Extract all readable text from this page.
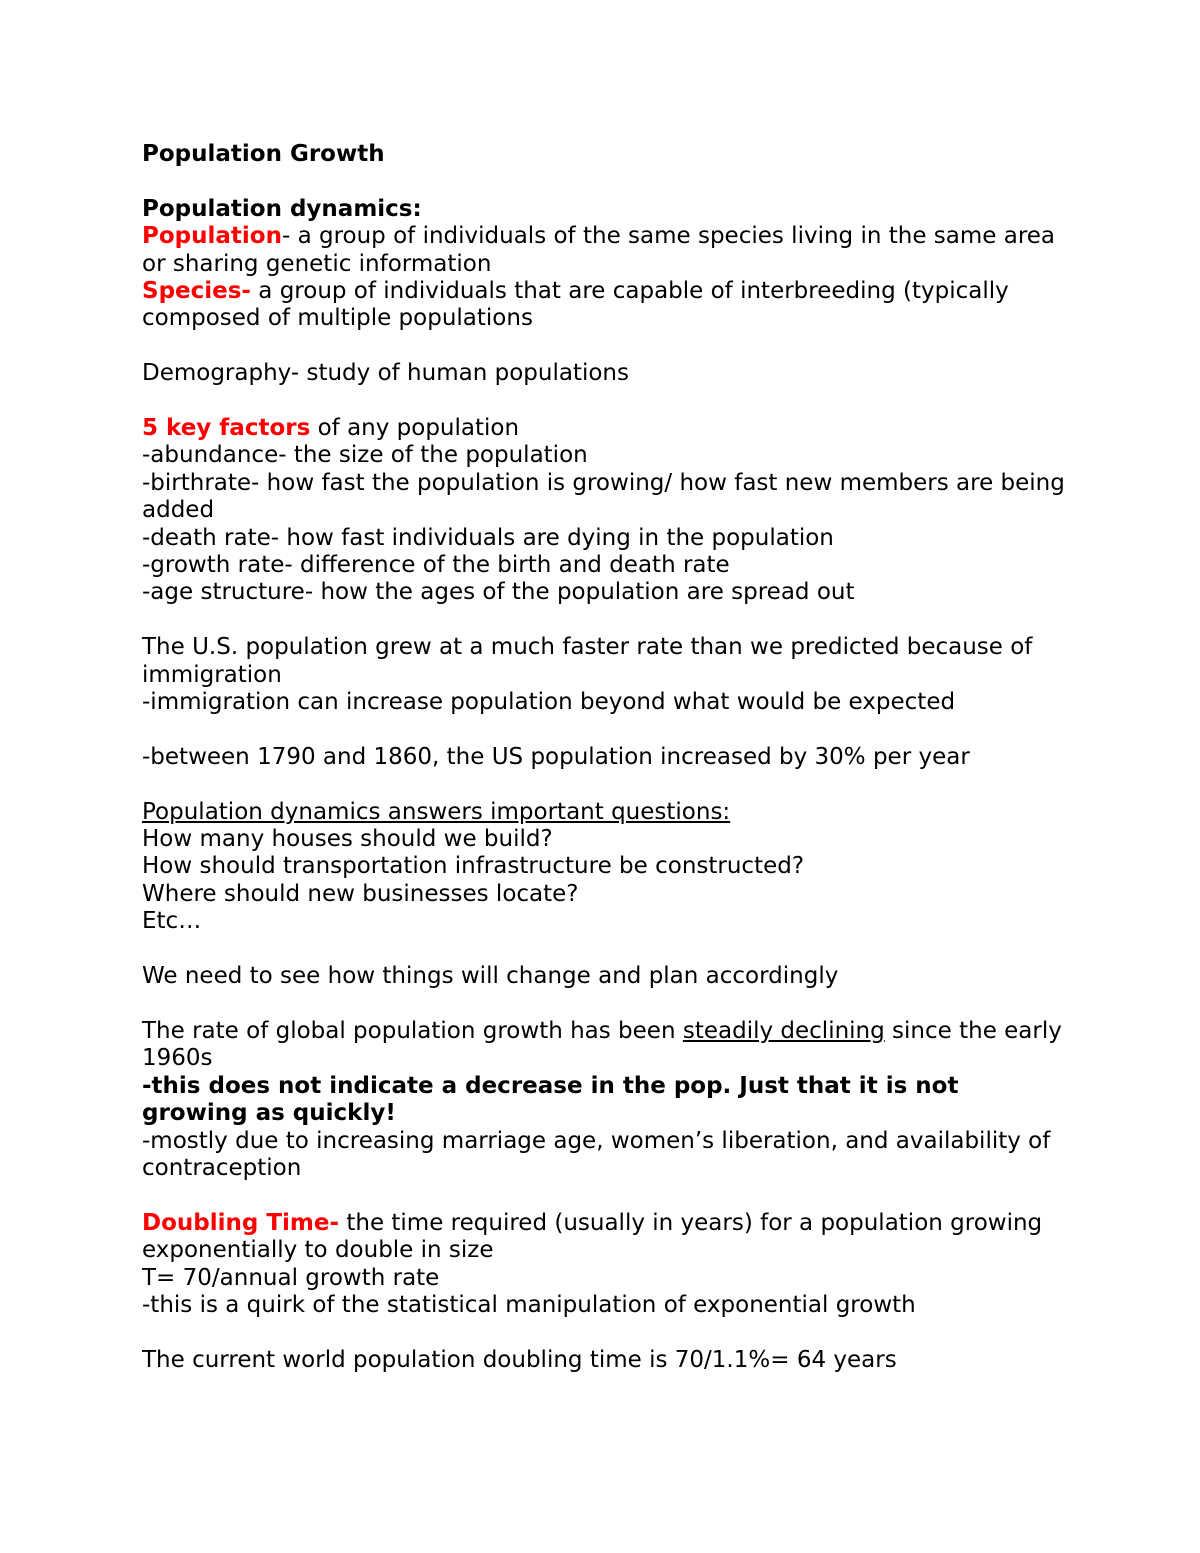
Population Growth

Population dynamics:

Population- a group of individuals of the same species living in the same area or sharing genetic information

Species- a group of individuals that are capable of interbreeding (typically composed of multiple populations

Demography- study of human populations

5 key factors of any population

-abundance- the size of the population

-birthrate- how fast the population is growing/ how fast new members are being added

-death rate- how fast individuals are dying in the population

-growth rate- difference of the birth and death rate

-age structure- how the ages of the population are spread out

The U.S. population grew at a much faster rate than we predicted because of immigration

-immigration can increase population beyond what would be expected

-between 1790 and 1860, the US population increased by 30% per year

Population dynamics answers important questions:

How many houses should we build?

How should transportation infrastructure be constructed?

Where should new businesses locate?

Etc…

We need to see how things will change and plan accordingly

The rate of global population growth has been steadily declining since the early 1960s

-this does not indicate a decrease in the pop. Just that it is not growing as quickly!

-mostly due to increasing marriage age, women’s liberation, and availability of contraception

Doubling Time- the time required (usually in years) for a population growing exponentially to double in size

T= 70/annual growth rate

-this is a quirk of the statistical manipulation of exponential growth

The current world population doubling time is 70/1.1%= 64 years
